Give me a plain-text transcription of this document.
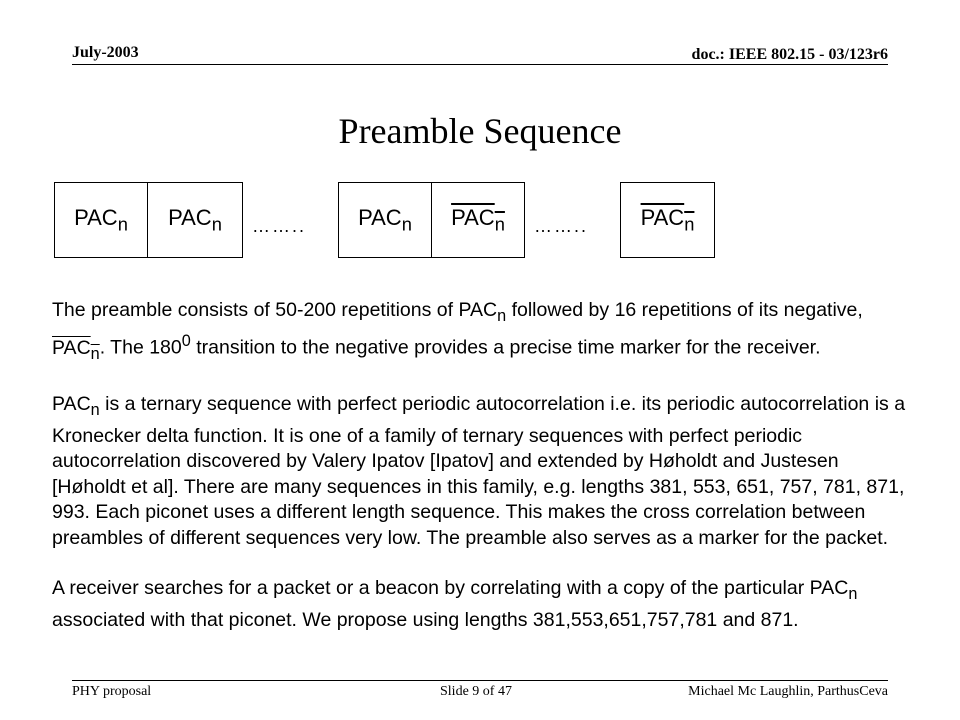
July-2003	doc.: IEEE 802.15 - 03/123r6
Preamble Sequence
$PAC_n$ $PAC_n$ …….. $PAC_n$ $PAC_n$ …….. $PAC_n$

The preamble consists of 50-200 repetitions of $PAC_n$ followed by 16 repetitions of its negative, $PAC_n$. The $180^0$ transition to the negative provides a precise time marker for the receiver.

$PAC_n$ is a ternary sequence with perfect periodic autocorrelation i.e. its periodic autocorrelation is a Kronecker delta function. It is one of a family of ternary sequences with perfect periodic autocorrelation discovered by Valery Ipatov [Ipatov] and extended by Høholdt and Justesen [Høholdt et al]. There are many sequences in this family, e.g. lengths 381, 553, 651, 757, 781, 871, 993. Each piconet uses a different length sequence. This makes the cross correlation between preambles of different sequences very low. The preamble also serves as a marker for the packet.

A receiver searches for a packet or a beacon by correlating with a copy of the particular $PAC_n$ associated with that piconet. We propose using lengths 381,553,651,757,781 and 871.

PHY proposal	Slide 9 of 47	Michael Mc Laughlin, ParthusCeva
